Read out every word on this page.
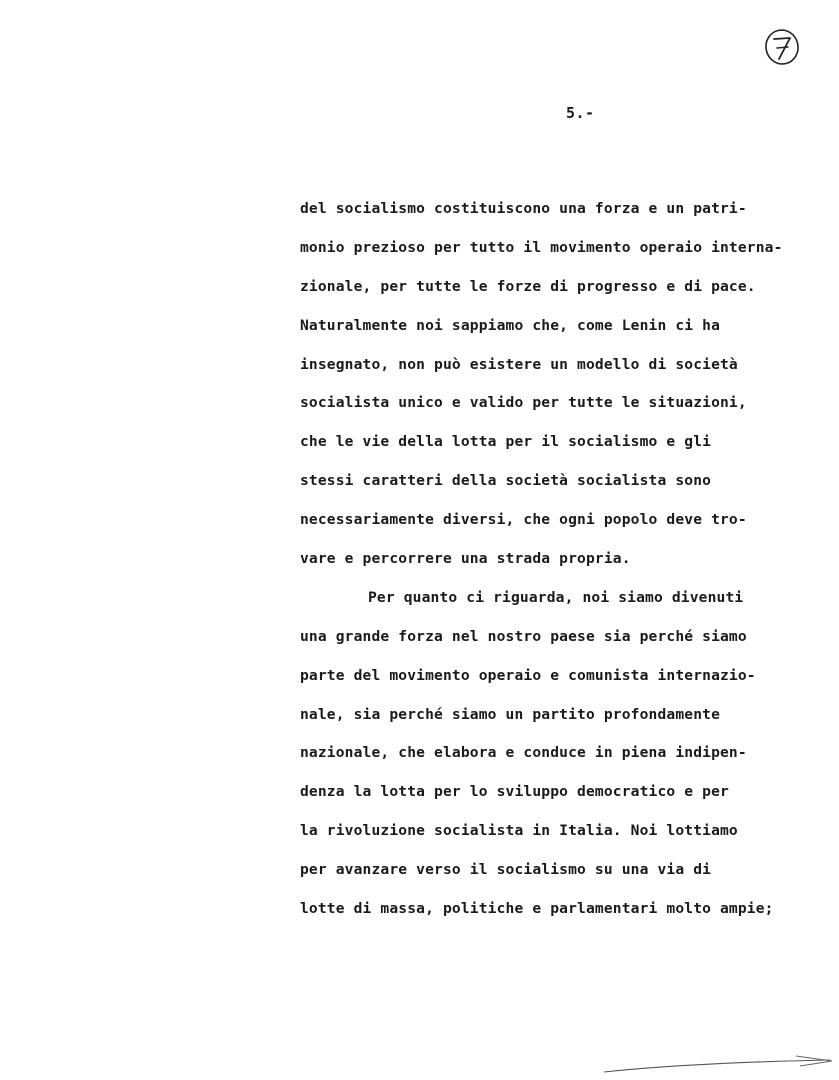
5.-
del socialismo costituiscono una forza e un patri-
monio prezioso per tutto il movimento operaio interna-
zionale, per tutte le forze di progresso e di pace.
Naturalmente noi sappiamo che, come Lenin ci ha
insegnato, non può esistere un modello di società
socialista unico e valido per tutte le situazioni,
che le vie della lotta per il socialismo e gli
stessi caratteri della società socialista sono
necessariamente diversi, che ogni popolo deve tro-
vare e percorrere una strada propria.
Per quanto ci riguarda, noi siamo divenuti
una grande forza nel nostro paese sia perché siamo
parte del movimento operaio e comunista internazio-
nale, sia perché siamo un partito profondamente
nazionale, che elabora e conduce in piena indipen-
denza la lotta per lo sviluppo democratico e per
la rivoluzione socialista in Italia. Noi lottiamo
per avanzare verso il socialismo su una via di
lotte di massa, politiche e parlamentari molto ampie;
